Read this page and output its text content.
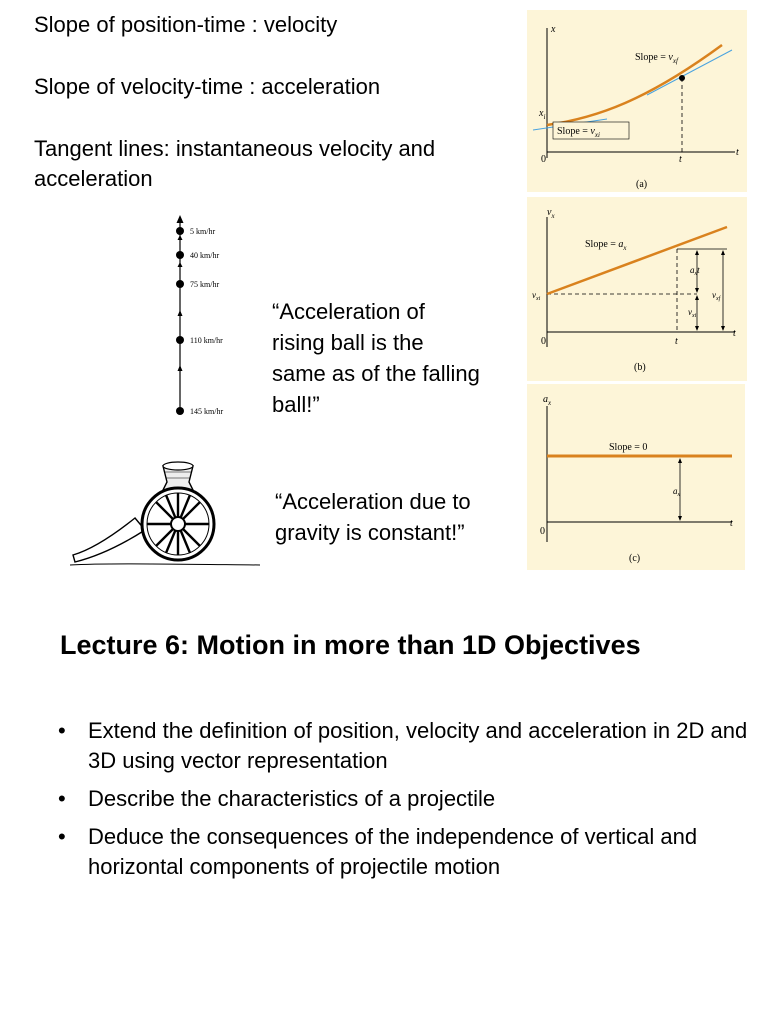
Slope of position-time : velocity

Slope of velocity-time : acceleration

Tangent lines: instantaneous velocity and acceleration

5 km/hr
40 km/hr
75 km/hr
110 km/hr
145 km/hr
“Acceleration of rising ball is the same as of the falling ball!”
“Acceleration due to gravity is constant!”
x
t
0
$x_i$
t
Slope = $v_{xf}$
Slope = $v_{xi}$
(a)
$v_x$
t
0
$v_{xi}$
Slope = $a_x$
$a_xt$
$v_{xi}$
$v_{xf}$
t
(b)
$a_x$
t
0
Slope = 0
$a_x$
(c)
Lecture 6: Motion in more than 1D Objectives
• Extend the definition of position, velocity and acceleration in 2D and 3D using vector representation
• Describe the characteristics of a projectile
• Deduce the consequences of the independence of vertical and horizontal components of projectile motion
